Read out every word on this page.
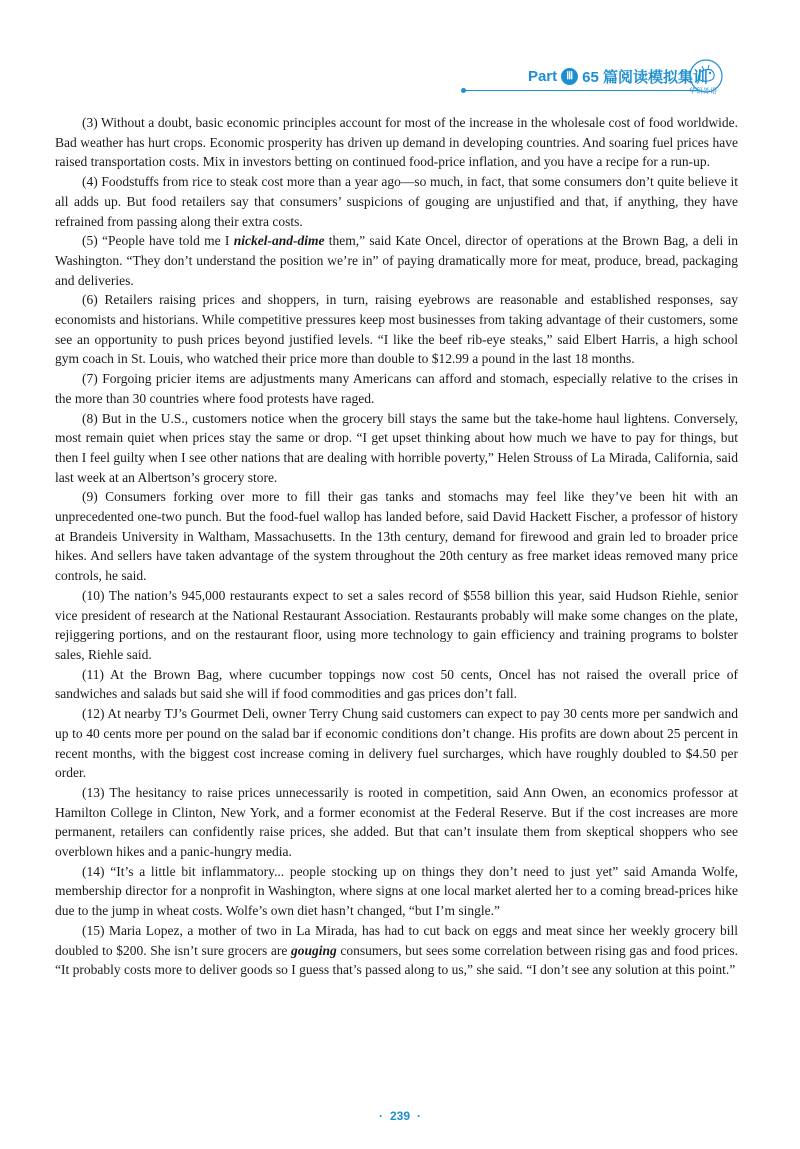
Part Ⅲ 65 篇阅读模拟集训
华研外语

(3) Without a doubt, basic economic principles account for most of the increase in the wholesale cost of food worldwide. Bad weather has hurt crops. Economic prosperity has driven up demand in developing countries. And soaring fuel prices have raised transportation costs. Mix in investors betting on continued food-price inflation, and you have a recipe for a run-up.

(4) Foodstuffs from rice to steak cost more than a year ago—so much, in fact, that some consumers don’t quite believe it all adds up. But food retailers say that consumers’ suspicions of gouging are unjustified and that, if anything, they have refrained from passing along their extra costs.

(5) “People have told me I nickel-and-dime them,” said Kate Oncel, director of operations at the Brown Bag, a deli in Washington. “They don’t understand the position we’re in” of paying dramatically more for meat, produce, bread, packaging and deliveries.

(6) Retailers raising prices and shoppers, in turn, raising eyebrows are reasonable and established responses, say economists and historians. While competitive pressures keep most businesses from taking advantage of their customers, some see an opportunity to push prices beyond justified levels. “I like the beef rib-eye steaks,” said Elbert Harris, a high school gym coach in St. Louis, who watched their price more than double to $12.99 a pound in the last 18 months.

(7) Forgoing pricier items are adjustments many Americans can afford and stomach, especially relative to the crises in the more than 30 countries where food protests have raged.

(8) But in the U.S., customers notice when the grocery bill stays the same but the take-home haul lightens. Conversely, most remain quiet when prices stay the same or drop. “I get upset thinking about how much we have to pay for things, but then I feel guilty when I see other nations that are dealing with horrible poverty,” Helen Strouss of La Mirada, California, said last week at an Albertson’s grocery store.

(9) Consumers forking over more to fill their gas tanks and stomachs may feel like they’ve been hit with an unprecedented one-two punch. But the food-fuel wallop has landed before, said David Hackett Fischer, a professor of history at Brandeis University in Waltham, Massachusetts. In the 13th century, demand for firewood and grain led to broader price hikes. And sellers have taken advantage of the system throughout the 20th century as free market ideas removed many price controls, he said.

(10) The nation’s 945,000 restaurants expect to set a sales record of $558 billion this year, said Hudson Riehle, senior vice president of research at the National Restaurant Association. Restaurants probably will make some changes on the plate, rejiggering portions, and on the restaurant floor, using more technology to gain efficiency and training programs to bolster sales, Riehle said.

(11) At the Brown Bag, where cucumber toppings now cost 50 cents, Oncel has not raised the overall price of sandwiches and salads but said she will if food commodities and gas prices don’t fall.

(12) At nearby TJ’s Gourmet Deli, owner Terry Chung said customers can expect to pay 30 cents more per sandwich and up to 40 cents more per pound on the salad bar if economic conditions don’t change. His profits are down about 25 percent in recent months, with the biggest cost increase coming in delivery fuel surcharges, which have roughly doubled to $4.50 per order.

(13) The hesitancy to raise prices unnecessarily is rooted in competition, said Ann Owen, an economics professor at Hamilton College in Clinton, New York, and a former economist at the Federal Reserve. But if the cost increases are more permanent, retailers can confidently raise prices, she added. But that can’t insulate them from skeptical shoppers who see overblown hikes and a panic-hungry media.

(14) “It’s a little bit inflammatory... people stocking up on things they don’t need to just yet” said Amanda Wolfe, membership director for a nonprofit in Washington, where signs at one local market alerted her to a coming bread-prices hike due to the jump in wheat costs. Wolfe’s own diet hasn’t changed, “but I’m single.”

(15) Maria Lopez, a mother of two in La Mirada, has had to cut back on eggs and meat since her weekly grocery bill doubled to $200. She isn’t sure grocers are gouging consumers, but sees some correlation between rising gas and food prices. “It probably costs more to deliver goods so I guess that’s passed along to us,” she said. “I don’t see any solution at this point.”

· 239 ·
